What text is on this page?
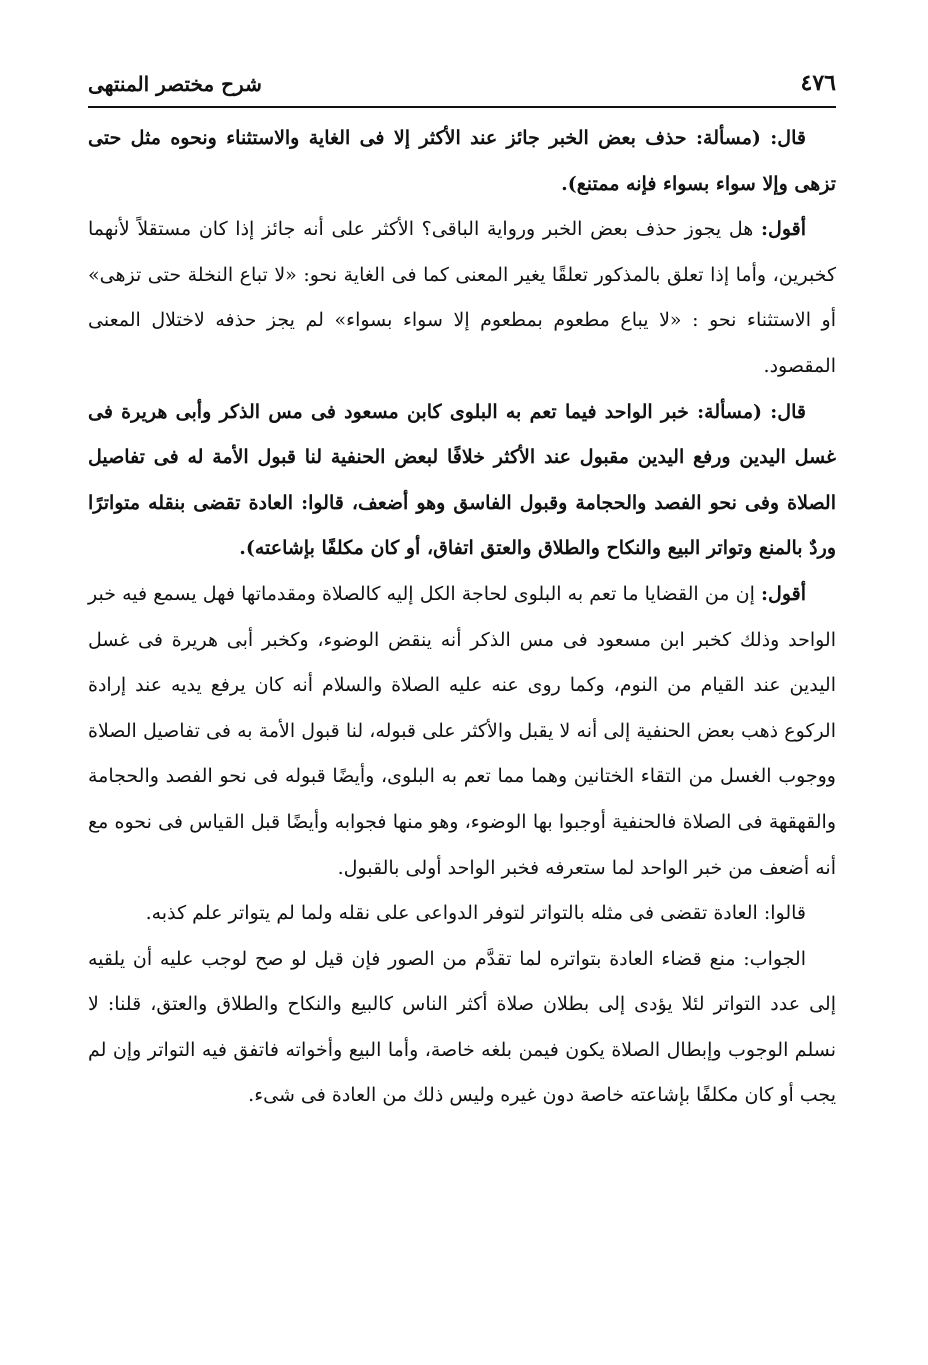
٤٧٦
شرح مختصر المنتهى

قال: (مسألة: حذف بعض الخبر جائز عند الأكثر إلا فى الغاية والاستثناء ونحوه مثل حتى تزهى وإلا سواء بسواء فإنه ممتنع).

أقول: هل يجوز حذف بعض الخبر ورواية الباقى؟ الأكثر على أنه جائز إذا كان مستقلاً لأنهما كخبرين، وأما إذا تعلق بالمذكور تعلقًا يغير المعنى كما فى الغاية نحو: «لا تباع النخلة حتى تزهى» أو الاستثناء نحو : «لا يباع مطعوم بمطعوم إلا سواء بسواء» لم يجز حذفه لاختلال المعنى المقصود.

قال: (مسألة: خبر الواحد فيما تعم به البلوى كابن مسعود فى مس الذكر وأبى هريرة فى غسل اليدين ورفع اليدين مقبول عند الأكثر خلافًا لبعض الحنفية لنا قبول الأمة له فى تفاصيل الصلاة وفى نحو الفصد والحجامة وقبول الفاسق وهو أضعف، قالوا: العادة تقضى بنقله متواترًا وردٌ بالمنع وتواتر البيع والنكاح والطلاق والعتق اتفاق، أو كان مكلفًا بإشاعته).

أقول: إن من القضايا ما تعم به البلوى لحاجة الكل إليه كالصلاة ومقدماتها فهل يسمع فيه خبر الواحد وذلك كخبر ابن مسعود فى مس الذكر أنه ينقض الوضوء، وكخبر أبى هريرة فى غسل اليدين عند القيام من النوم، وكما روى عنه عليه الصلاة والسلام أنه كان يرفع يديه عند إرادة الركوع ذهب بعض الحنفية إلى أنه لا يقبل والأكثر على قبوله، لنا قبول الأمة به فى تفاصيل الصلاة ووجوب الغسل من التقاء الختانين وهما مما تعم به البلوى، وأيضًا قبوله فى نحو الفصد والحجامة والقهقهة فى الصلاة فالحنفية أوجبوا بها الوضوء، وهو منها فجوابه وأيضًا قبل القياس فى نحوه مع أنه أضعف من خبر الواحد لما ستعرفه فخبر الواحد أولى بالقبول.

قالوا: العادة تقضى فى مثله بالتواتر لتوفر الدواعى على نقله ولما لم يتواتر علم كذبه.

الجواب: منع قضاء العادة بتواتره لما تقدَّم من الصور فإن قيل لو صح لوجب عليه أن يلقيه إلى عدد التواتر لئلا يؤدى إلى بطلان صلاة أكثر الناس كالبيع والنكاح والطلاق والعتق، قلنا: لا نسلم الوجوب وإبطال الصلاة يكون فيمن بلغه خاصة، وأما البيع وأخواته فاتفق فيه التواتر وإن لم يجب أو كان مكلفًا بإشاعته خاصة دون غيره وليس ذلك من العادة فى شىء.
